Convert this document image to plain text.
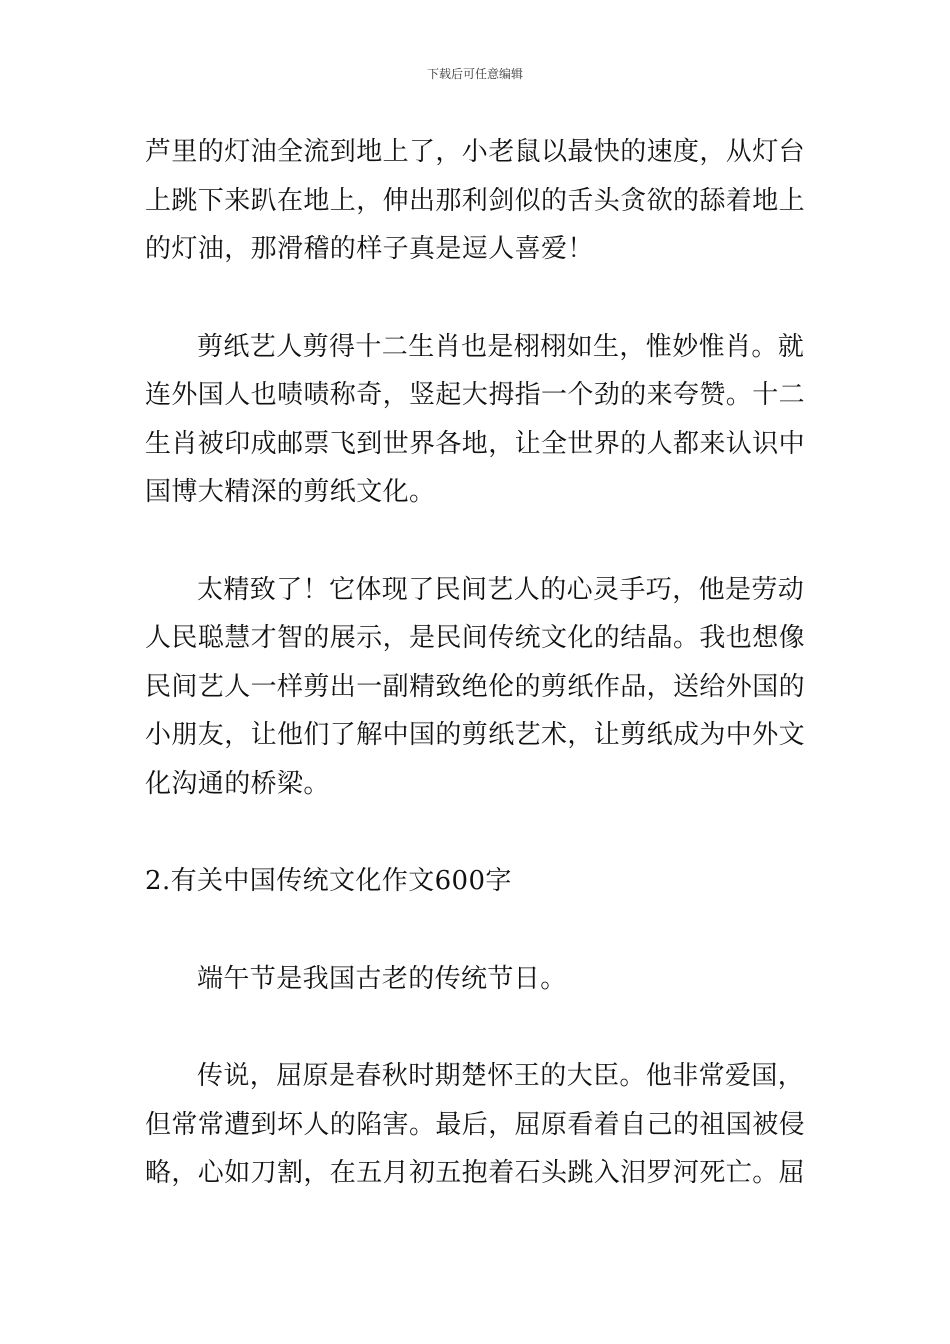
下载后可任意编辑

芦里的灯油全流到地上了，小老鼠以最快的速度，从灯台
上跳下来趴在地上，伸出那利剑似的舌头贪欲的舔着地上
的灯油，那滑稽的样子真是逗人喜爱！

剪纸艺人剪得十二生肖也是栩栩如生，惟妙惟肖。就
连外国人也啧啧称奇，竖起大拇指一个劲的来夸赞。十二
生肖被印成邮票飞到世界各地，让全世界的人都来认识中
国博大精深的剪纸文化。

太精致了！它体现了民间艺人的心灵手巧，他是劳动
人民聪慧才智的展示，是民间传统文化的结晶。我也想像
民间艺人一样剪出一副精致绝伦的剪纸作品，送给外国的
小朋友，让他们了解中国的剪纸艺术，让剪纸成为中外文
化沟通的桥梁。

2.有关中国传统文化作文600字

端午节是我国古老的传统节日。

传说，屈原是春秋时期楚怀王的大臣。他非常爱国，
但常常遭到坏人的陷害。最后，屈原看着自己的祖国被侵
略，心如刀割，在五月初五抱着石头跳入汨罗河死亡。屈
